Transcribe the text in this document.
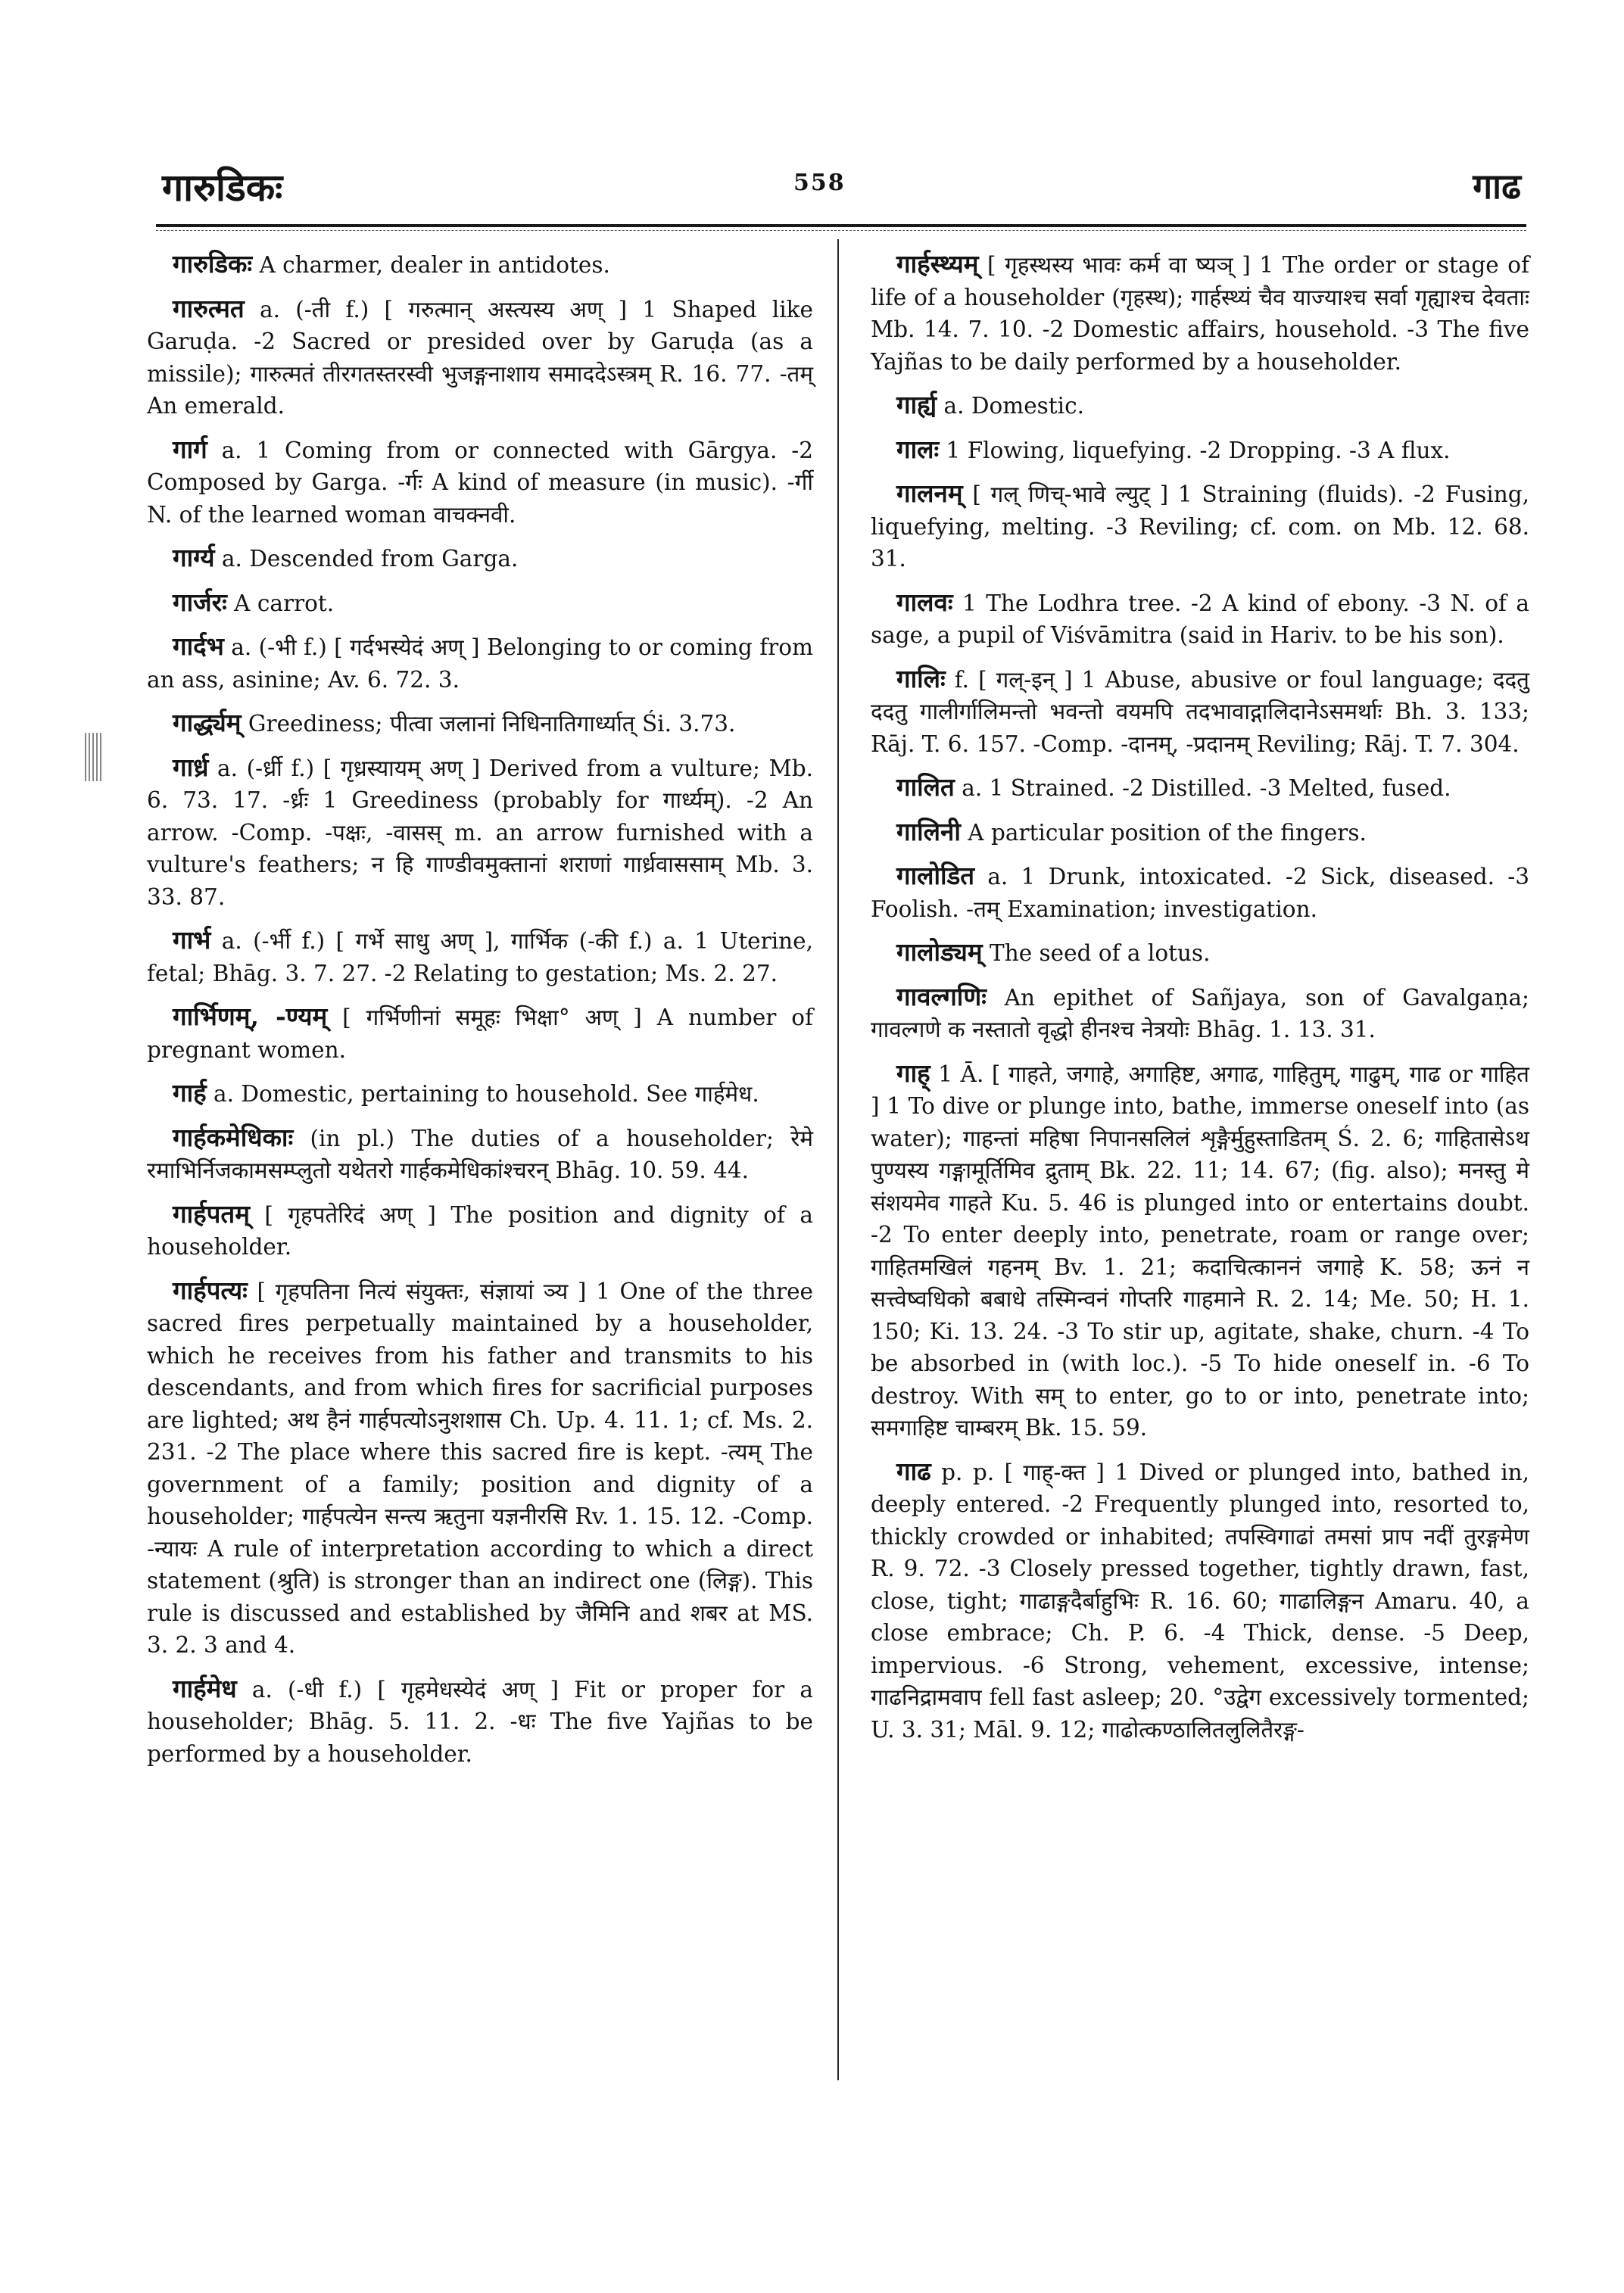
गारुडिकः	558	गाढ

गारुडिकः A charmer, dealer in antidotes.

गारुत्मत a. (-ती f.) [ गरुत्मान् अस्त्यस्य अण् ] 1 Shaped like Garuḍa. -2 Sacred or presided over by Garuḍa (as a missile); गारुत्मतं तीरगतस्तरस्वी भुजङ्गनाशाय समाददेऽस्त्रम् R. 16. 77. -तम् An emerald.

गार्ग a. 1 Coming from or connected with Gārgya. -2 Composed by Garga. -र्गः A kind of measure (in music). -र्गी N. of the learned woman वाचक्नवी.

गार्ग्य a. Descended from Garga.

गार्जरः A carrot.

गार्दभ a. (-भी f.) [ गर्दभस्येदं अण् ] Belonging to or coming from an ass, asinine; Av. 6. 72. 3.

गार्द्ध्यम् Greediness; पीत्वा जलानां निधिनातिगार्ध्यात् Śi. 3.73.

गार्ध्र a. (-र्ध्री f.) [ गृध्रस्यायम् अण् ] Derived from a vulture; Mb. 6. 73. 17. -र्ध्रः 1 Greediness (probably for गार्ध्यम्). -2 An arrow. -Comp. -पक्षः, -वासस् m. an arrow furnished with a vulture's feathers; न हि गाण्डीवमुक्तानां शराणां गार्ध्रवाससाम् Mb. 3. 33. 87.

गार्भ a. (-र्भी f.) [ गर्भे साधु अण् ], गार्भिक (-की f.) a. 1 Uterine, fetal; Bhāg. 3. 7. 27. -2 Relating to gestation; Ms. 2. 27.

गार्भिणम्, -ण्यम् [ गर्भिणीनां समूहः भिक्षा° अण् ] A number of pregnant women.

गार्ह a. Domestic, pertaining to household. See गार्हमेध.

गार्हकमेधिकाः (in pl.) The duties of a householder; रेमे रमाभिर्निजकामसम्प्लुतो यथेतरो गार्हकमेधिकांश्चरन् Bhāg. 10. 59. 44.

गार्हपतम् [ गृहपतेरिदं अण् ] The position and dignity of a householder.

गार्हपत्यः [ गृहपतिना नित्यं संयुक्तः, संज्ञायां ञ्य ] 1 One of the three sacred fires perpetually maintained by a householder, which he receives from his father and transmits to his descendants, and from which fires for sacrificial purposes are lighted; अथ हैनं गार्हपत्योऽनुशशास Ch. Up. 4. 11. 1; cf. Ms. 2. 231. -2 The place where this sacred fire is kept. -त्यम् The government of a family; position and dignity of a householder; गार्हपत्येन सन्त्य ऋतुना यज्ञनीरसि Rv. 1. 15. 12. -Comp. -न्यायः A rule of interpretation according to which a direct statement (श्रुति) is stronger than an indirect one (लिङ्ग). This rule is discussed and established by जैमिनि and शबर at MS. 3. 2. 3 and 4.

गार्हमेध a. (-धी f.) [ गृहमेधस्येदं अण् ] Fit or proper for a householder; Bhāg. 5. 11. 2. -धः The five Yajñas to be performed by a householder.

गार्हस्थ्यम् [ गृहस्थस्य भावः कर्म वा ष्यञ् ] 1 The order or stage of life of a householder (गृहस्थ); गार्हस्थ्यं चैव याज्याश्च सर्वा गृह्याश्च देवताः Mb. 14. 7. 10. -2 Domestic affairs, household. -3 The five Yajñas to be daily performed by a householder.

गार्ह्य a. Domestic.

गालः 1 Flowing, liquefying. -2 Dropping. -3 A flux.

गालनम् [ गल् णिच्-भावे ल्युट् ] 1 Straining (fluids). -2 Fusing, liquefying, melting. -3 Reviling; cf. com. on Mb. 12. 68. 31.

गालवः 1 The Lodhra tree. -2 A kind of ebony. -3 N. of a sage, a pupil of Viśvāmitra (said in Hariv. to be his son).

गालिः f. [ गल्-इन् ] 1 Abuse, abusive or foul language; ददतु ददतु गालीर्गालिमन्तो भवन्तो वयमपि तदभावाद्गालिदानेऽसमर्थाः Bh. 3. 133; Rāj. T. 6. 157. -Comp. -दानम्, -प्रदानम् Reviling; Rāj. T. 7. 304.

गालित a. 1 Strained. -2 Distilled. -3 Melted, fused.

गालिनी A particular position of the fingers.

गालोडित a. 1 Drunk, intoxicated. -2 Sick, diseased. -3 Foolish. -तम् Examination; investigation.

गालोड्यम् The seed of a lotus.

गावल्गणिः An epithet of Sañjaya, son of Gavalgaṇa; गावल्गणे क नस्तातो वृद्धो हीनश्च नेत्रयोः Bhāg. 1. 13. 31.

गाह् 1 Ā. [ गाहते, जगाहे, अगाहिष्ट, अगाढ, गाहितुम्, गाढुम्, गाढ or गाहित ] 1 To dive or plunge into, bathe, immerse oneself into (as water); गाहन्तां महिषा निपानसलिलं शृङ्गैर्मुहुस्ताडितम् Ś. 2. 6; गाहितासेऽथ पुण्यस्य गङ्गामूर्तिमिव द्रुताम् Bk. 22. 11; 14. 67; (fig. also); मनस्तु मे संशयमेव गाहते Ku. 5. 46 is plunged into or entertains doubt. -2 To enter deeply into, penetrate, roam or range over; गाहितमखिलं गहनम् Bv. 1. 21; कदाचित्काननं जगाहे K. 58; ऊनं न सत्त्वेष्वधिको बबाधे तस्मिन्वनं गोप्तरि गाहमाने R. 2. 14; Me. 50; H. 1. 150; Ki. 13. 24. -3 To stir up, agitate, shake, churn. -4 To be absorbed in (with loc.). -5 To hide oneself in. -6 To destroy. With सम् to enter, go to or into, penetrate into; समगाहिष्ट चाम्बरम् Bk. 15. 59.

गाढ p. p. [ गाह्-क्त ] 1 Dived or plunged into, bathed in, deeply entered. -2 Frequently plunged into, resorted to, thickly crowded or inhabited; तपस्विगाढां तमसां प्राप नदीं तुरङ्गमेण R. 9. 72. -3 Closely pressed together, tightly drawn, fast, close, tight; गाढाङ्गदैर्बाहुभिः R. 16. 60; गाढालिङ्गन Amaru. 40, a close embrace; Ch. P. 6. -4 Thick, dense. -5 Deep, impervious. -6 Strong, vehement, excessive, intense; गाढनिद्रामवाप fell fast asleep; 20. °उद्वेग excessively tormented; U. 3. 31; Māl. 9. 12; गाढोत्कण्ठालितलुलितैरङ्ग-
